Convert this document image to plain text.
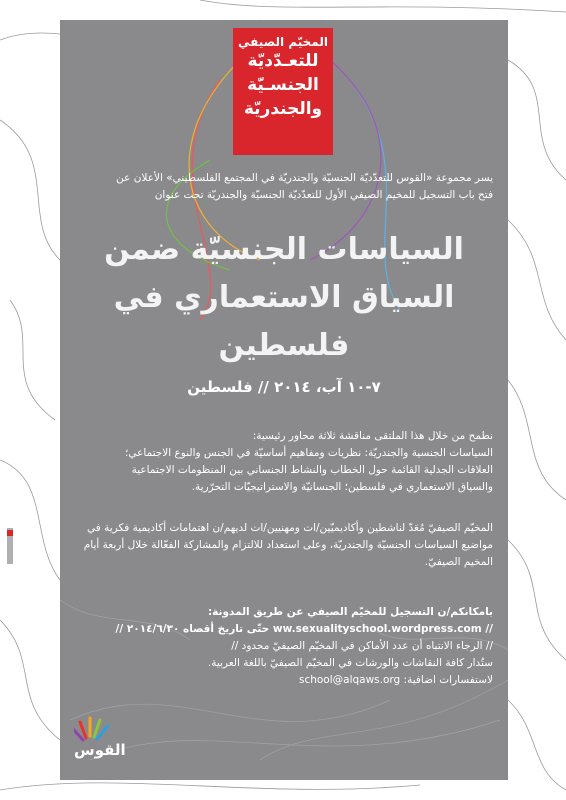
المخيّم الصيفي
للتعـدّديّة
الجنسـيّة
والجندريّة
يسر مجموعة «القوس للتعدّديّة الجنسيّة والجندريّة في المجتمع الفلسطيني» الأعلان عن
فتح باب التسجيل للمخيم الصيفي الأول للتعدّديّة الجنسيّة والجندريّة تحت عنوان
السياسات الجنسيّة ضمن
السياق الاستعماري في
فلسطين
٧-١٠ آب، ٢٠١٤ // فلسطين

نطمح من خلال هذا الملتقى مناقشة ثلاثة محاور رئيسية:

السياسات الجنسية والجندريّة: نظريات ومفاهيم أساسيّة في الجنس والنوع الاجتماعي؛

العلاقات الجدلية القائمة حول الخطاب والنشاط الجنساني بين المنظومات الاجتماعية

والسياق الاستعماري في فلسطين؛ الجنسانيّة والاستراتيجيّات التحرّرية.

المخيّم الصيفيّ مُعَدّ لناشطين وأكاديميّين/ات ومهنيين/ات لديهم/ن اهتمامات أكاديمية فكرية في مواضيع السياسات الجنسيّة والجندريّة، وعلى استعداد للالتزام والمشاركة الفعّالة خلال أربعة أيام المخيم الصيفيّ.

بامكانكم/ن التسجيل للمخيّم الصيفي عن طريق المدونة:

// ww.sexualityschool.wordpress.com حتّى تاريخ أقصاه ٢٠١٤/٦/٣٠ //

// الرجاء الانتباه أن عدد الأماكن في المخيّم الصيفيّ محدود //

ستُدار كافة النقاشات والورشات في المخيّم الصيفيّ باللغة العربية.

لاستفسارات اضافية: school@alqaws.org

القوس
